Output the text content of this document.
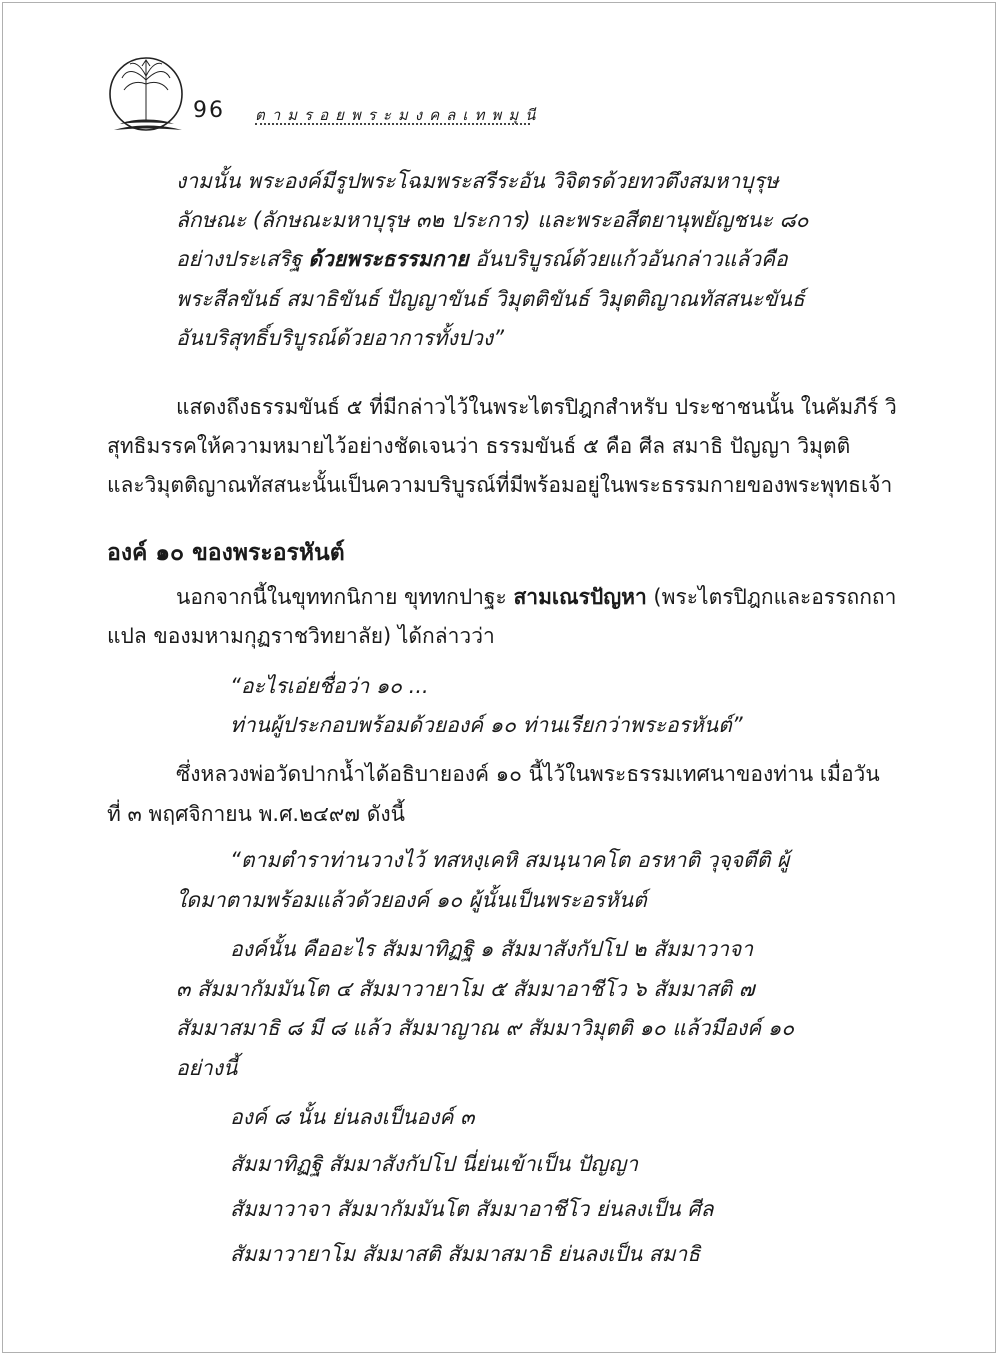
96 ตามรอยพระมงคลเทพมุนี
งามนั้น พระองค์มีรูปพระโฉมพระสรีระอัน วิจิตรด้วยทวตึงสมหาบุรุษ
ลักษณะ (ลักษณะมหาบุรุษ ๓๒ ประการ) และพระอสีตยานุพยัญชนะ ๘๐
อย่างประเสริฐ ด้วยพระธรรมกาย อันบริบูรณ์ด้วยแก้วอันกล่าวแล้วคือ
พระสีลขันธ์ สมาธิขันธ์ ปัญญาขันธ์ วิมุตติขันธ์ วิมุตติญาณทัสสนะขันธ์
อันบริสุทธิ์บริบูรณ์ด้วยอาการทั้งปวง”
แสดงถึงธรรมขันธ์ ๕ ที่มีกล่าวไว้ในพระไตรปิฎกสำหรับ ประชาชนนั้น ในคัมภีร์ วิ
สุทธิมรรคให้ความหมายไว้อย่างชัดเจนว่า ธรรมขันธ์ ๕ คือ ศีล สมาธิ ปัญญา วิมุตติ
และวิมุตติญาณทัสสนะนั้นเป็นความบริบูรณ์ที่มีพร้อมอยู่ในพระธรรมกายของพระพุทธเจ้า
องค์ ๑๐ ของพระอรหันต์
นอกจากนี้ในขุททกนิกาย ขุททกปาฐะ สามเณรปัญหา (พระไตรปิฎกและอรรถกถา
แปล ของมหามกุฏราชวิทยาลัย) ได้กล่าวว่า
“อะไรเอ่ยชื่อว่า ๑๐ ...
ท่านผู้ประกอบพร้อมด้วยองค์ ๑๐ ท่านเรียกว่าพระอรหันต์”
ซึ่งหลวงพ่อวัดปากน้ำได้อธิบายองค์ ๑๐ นี้ไว้ในพระธรรมเทศนาของท่าน เมื่อวัน
ที่ ๓ พฤศจิกายน พ.ศ.๒๔๙๗ ดังนี้
“ตามตำราท่านวางไว้ ทสหงฺเคหิ สมนฺนาคโต อรหาติ วุจฺจตีติ ผู้
ใดมาตามพร้อมแล้วด้วยองค์ ๑๐ ผู้นั้นเป็นพระอรหันต์
องค์นั้น คืออะไร สัมมาทิฏฐิ ๑ สัมมาสังกัปโป ๒ สัมมาวาจา
๓ สัมมากัมมันโต ๔ สัมมาวายาโม ๕ สัมมาอาชีโว ๖ สัมมาสติ ๗
สัมมาสมาธิ ๘ มี ๘ แล้ว สัมมาญาณ ๙ สัมมาวิมุตติ ๑๐ แล้วมีองค์ ๑๐
อย่างนี้
องค์ ๘ นั้น ย่นลงเป็นองค์ ๓
สัมมาทิฏฐิ สัมมาสังกัปโป นี่ย่นเข้าเป็น ปัญญา
สัมมาวาจา สัมมากัมมันโต สัมมาอาชีโว ย่นลงเป็น ศีล
สัมมาวายาโม สัมมาสติ สัมมาสมาธิ ย่นลงเป็น สมาธิ
